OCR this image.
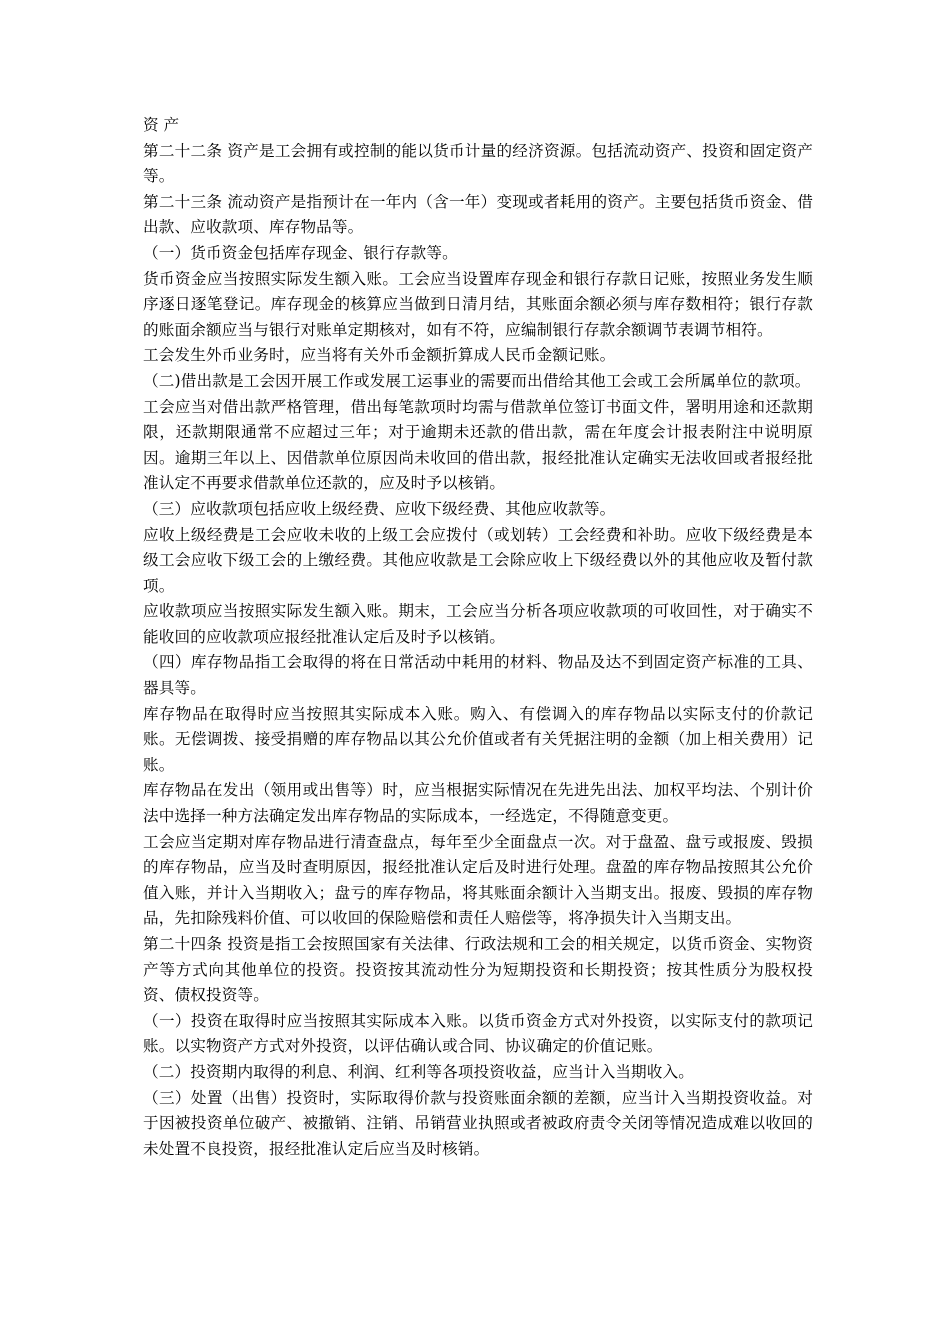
资 产

第二十二条 资产是工会拥有或控制的能以货币计量的经济资源。包括流动资产、投资和固定资产等。

第二十三条 流动资产是指预计在一年内（含一年）变现或者耗用的资产。主要包括货币资金、借出款、应收款项、库存物品等。

（一）货币资金包括库存现金、银行存款等。

货币资金应当按照实际发生额入账。工会应当设置库存现金和银行存款日记账，按照业务发生顺序逐日逐笔登记。库存现金的核算应当做到日清月结，其账面余额必须与库存数相符；银行存款的账面余额应当与银行对账单定期核对，如有不符，应编制银行存款余额调节表调节相符。

工会发生外币业务时，应当将有关外币金额折算成人民币金额记账。

（二)借出款是工会因开展工作或发展工运事业的需要而出借给其他工会或工会所属单位的款项。

工会应当对借出款严格管理，借出每笔款项时均需与借款单位签订书面文件，署明用途和还款期限，还款期限通常不应超过三年；对于逾期未还款的借出款，需在年度会计报表附注中说明原因。逾期三年以上、因借款单位原因尚未收回的借出款，报经批准认定确实无法收回或者报经批准认定不再要求借款单位还款的，应及时予以核销。

（三）应收款项包括应收上级经费、应收下级经费、其他应收款等。

应收上级经费是工会应收未收的上级工会应拨付（或划转）工会经费和补助。应收下级经费是本级工会应收下级工会的上缴经费。其他应收款是工会除应收上下级经费以外的其他应收及暂付款项。

应收款项应当按照实际发生额入账。期末，工会应当分析各项应收款项的可收回性，对于确实不能收回的应收款项应报经批准认定后及时予以核销。

（四）库存物品指工会取得的将在日常活动中耗用的材料、物品及达不到固定资产标准的工具、器具等。

库存物品在取得时应当按照其实际成本入账。购入、有偿调入的库存物品以实际支付的价款记账。无偿调拨、接受捐赠的库存物品以其公允价值或者有关凭据注明的金额（加上相关费用）记账。

库存物品在发出（领用或出售等）时，应当根据实际情况在先进先出法、加权平均法、个别计价法中选择一种方法确定发出库存物品的实际成本，一经选定，不得随意变更。

工会应当定期对库存物品进行清查盘点，每年至少全面盘点一次。对于盘盈、盘亏或报废、毁损的库存物品，应当及时查明原因，报经批准认定后及时进行处理。盘盈的库存物品按照其公允价值入账，并计入当期收入；盘亏的库存物品，将其账面余额计入当期支出。报废、毁损的库存物品，先扣除残料价值、可以收回的保险赔偿和责任人赔偿等，将净损失计入当期支出。

第二十四条 投资是指工会按照国家有关法律、行政法规和工会的相关规定，以货币资金、实物资产等方式向其他单位的投资。投资按其流动性分为短期投资和长期投资；按其性质分为股权投资、债权投资等。

（一）投资在取得时应当按照其实际成本入账。以货币资金方式对外投资，以实际支付的款项记账。以实物资产方式对外投资，以评估确认或合同、协议确定的价值记账。

（二）投资期内取得的利息、利润、红利等各项投资收益，应当计入当期收入。

（三）处置（出售）投资时，实际取得价款与投资账面余额的差额，应当计入当期投资收益。对于因被投资单位破产、被撤销、注销、吊销营业执照或者被政府责令关闭等情况造成难以收回的未处置不良投资，报经批准认定后应当及时核销。
